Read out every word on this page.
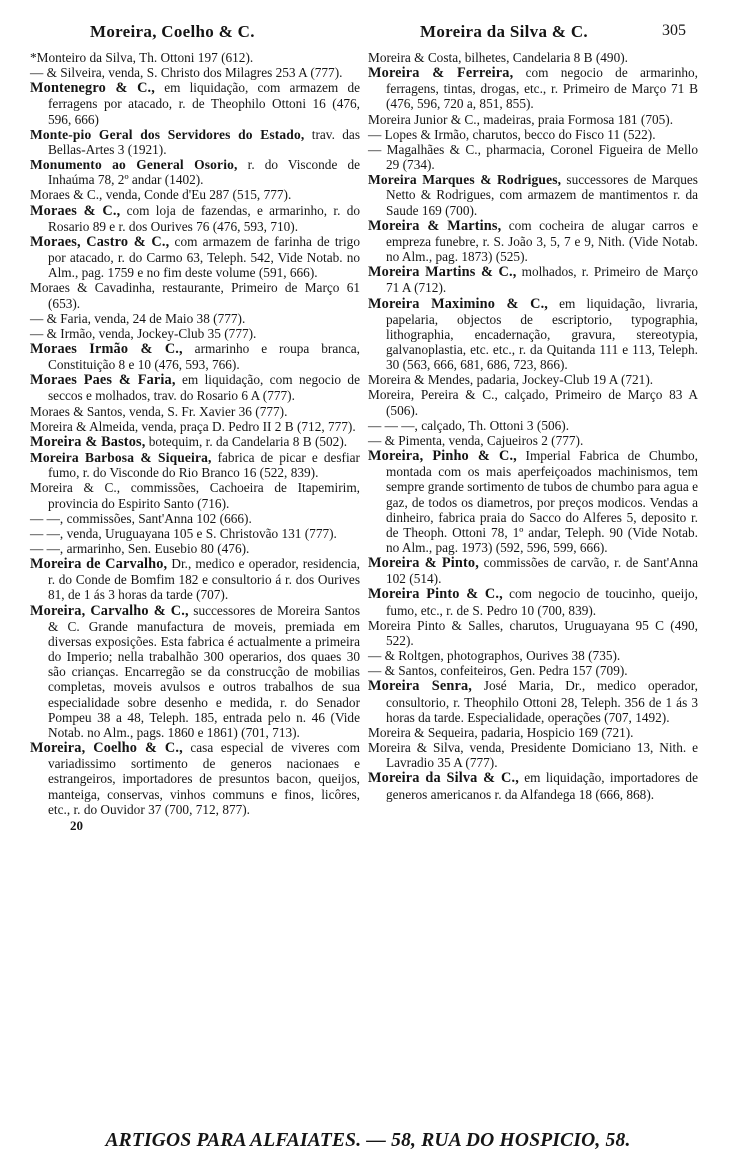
Moreira, Coelho & C.	Moreira da Silva & C.	305
*Monteiro da Silva, Th. Ottoni 197 (612).
— & Silveira, venda, S. Christo dos Milagres 253 A (777).
Montenegro & C., em liquidação, com armazem de ferragens por atacado, r. de Theophilo Ottoni 16 (476, 596, 666)
Monte-pio Geral dos Servidores do Estado, trav. das Bellas-Artes 3 (1921).
Monumento ao General Osorio, r. do Visconde de Inhaúma 78, 2º andar (1402).
Moraes & C., venda, Conde d'Eu 287 (515, 777).
Moraes & C., com loja de fazendas, e armarinho, r. do Rosario 89 e r. dos Ourives 76 (476, 593, 710).
Moraes, Castro & C., com armazem de farinha de trigo por atacado, r. do Carmo 63, Teleph. 542, Vide Notab. no Alm., pag. 1759 e no fim deste volume (591, 666).
Moraes & Cavadinha, restaurante, Primeiro de Março 61 (653).
— & Faria, venda, 24 de Maio 38 (777).
— & Irmão, venda, Jockey-Club 35 (777).
Moraes Irmão & C., armarinho e roupa branca, Constituição 8 e 10 (476, 593, 766).
Moraes Paes & Faria, em liquidação, com negocio de seccos e molhados, trav. do Rosario 6 A (777).
Moraes & Santos, venda, S. Fr. Xavier 36 (777).
Moreira & Almeida, venda, praça D. Pedro II 2 B (712, 777).
Moreira & Bastos, botequim, r. da Candelaria 8 B (502).
Moreira Barbosa & Siqueira, fabrica de picar e desfiar fumo, r. do Visconde do Rio Branco 16 (522, 839).
Moreira & C., commissões, Cachoeira de Itapemirim, provincia do Espirito Santo (716).
— —, commissões, Sant'Anna 102 (666).
— —, venda, Uruguayana 105 e S. Christovão 131 (777).
— —, armarinho, Sen. Eusebio 80 (476).
Moreira de Carvalho, Dr., medico e operador, residencia, r. do Conde de Bomfim 182 e consultorio á r. dos Ourives 81, de 1 ás 3 horas da tarde (707).
Moreira, Carvalho & C., successores de Moreira Santos & C. Grande manufactura de moveis, premiada em diversas exposições. Esta fabrica é actualmente a primeira do Imperio; nella trabalhão 300 operarios, dos quaes 30 são crianças. Encarregão se da construcção de mobilias completas, moveis avulsos e outros trabalhos de sua especialidade sobre desenho e medida, r. do Senador Pompeu 38 a 48, Teleph. 185, entrada pelo n. 46 (Vide Notab. no Alm., pags. 1860 e 1861) (701, 713).
Moreira, Coelho & C., casa especial de viveres com variadissimo sortimento de generos nacionaes e estrangeiros, importadores de presuntos bacon, queijos, manteiga, conservas, vinhos communs e finos, licôres, etc., r. do Ouvidor 37 (700, 712, 877).
20
Moreira & Costa, bilhetes, Candelaria 8 B (490).
Moreira & Ferreira, com negocio de armarinho, ferragens, tintas, drogas, etc., r. Primeiro de Março 71 B (476, 596, 720 a, 851, 855).
Moreira Junior & C., madeiras, praia Formosa 181 (705).
— Lopes & Irmão, charutos, becco do Fisco 11 (522).
— Magalhães & C., pharmacia, Coronel Figueira de Mello 29 (734).
Moreira Marques & Rodrigues, successores de Marques Netto & Rodrigues, com armazem de mantimentos r. da Saude 169 (700).
Moreira & Martins, com cocheira de alugar carros e empreza funebre, r. S. João 3, 5, 7 e 9, Nith. (Vide Notab. no Alm., pag. 1873) (525).
Moreira Martins & C., molhados, r. Primeiro de Março 71 A (712).
Moreira Maximino & C., em liquidação, livraria, papelaria, objectos de escriptorio, typographia, lithographia, encadernação, gravura, stereotypia, galvanoplastia, etc. etc., r. da Quitanda 111 e 113, Teleph. 30 (563, 666, 681, 686, 723, 866).
Moreira & Mendes, padaria, Jockey-Club 19 A (721).
Moreira, Pereira & C., calçado, Primeiro de Março 83 A (506).
— — —, calçado, Th. Ottoni 3 (506).
— & Pimenta, venda, Cajueiros 2 (777).
Moreira, Pinho & C., Imperial Fabrica de Chumbo, montada com os mais aperfeiçoados machinismos, tem sempre grande sortimento de tubos de chumbo para agua e gaz, de todos os diametros, por preços modicos. Vendas a dinheiro, fabrica praia do Sacco do Alferes 5, deposito r. de Theoph. Ottoni 78, 1º andar, Teleph. 90 (Vide Notab. no Alm., pag. 1973) (592, 596, 599, 666).
Moreira & Pinto, commissões de carvão, r. de Sant'Anna 102 (514).
Moreira Pinto & C., com negocio de toucinho, queijo, fumo, etc., r. de S. Pedro 10 (700, 839).
Moreira Pinto & Salles, charutos, Uruguayana 95 C (490, 522).
— & Roltgen, photographos, Ourives 38 (735).
— & Santos, confeiteiros, Gen. Pedra 157 (709).
Moreira Senra, José Maria, Dr., medico operador, consultorio, r. Theophilo Ottoni 28, Teleph. 356 de 1 ás 3 horas da tarde. Especialidade, operações (707, 1492).
Moreira & Sequeira, padaria, Hospicio 169 (721).
Moreira & Silva, venda, Presidente Domiciano 13, Nith. e Lavradio 35 A (777).
Moreira da Silva & C., em liquidação, importadores de generos americanos r. da Alfandega 18 (666, 868).
ARTIGOS PARA ALFAIATES. — 58, RUA DO HOSPICIO, 58.
